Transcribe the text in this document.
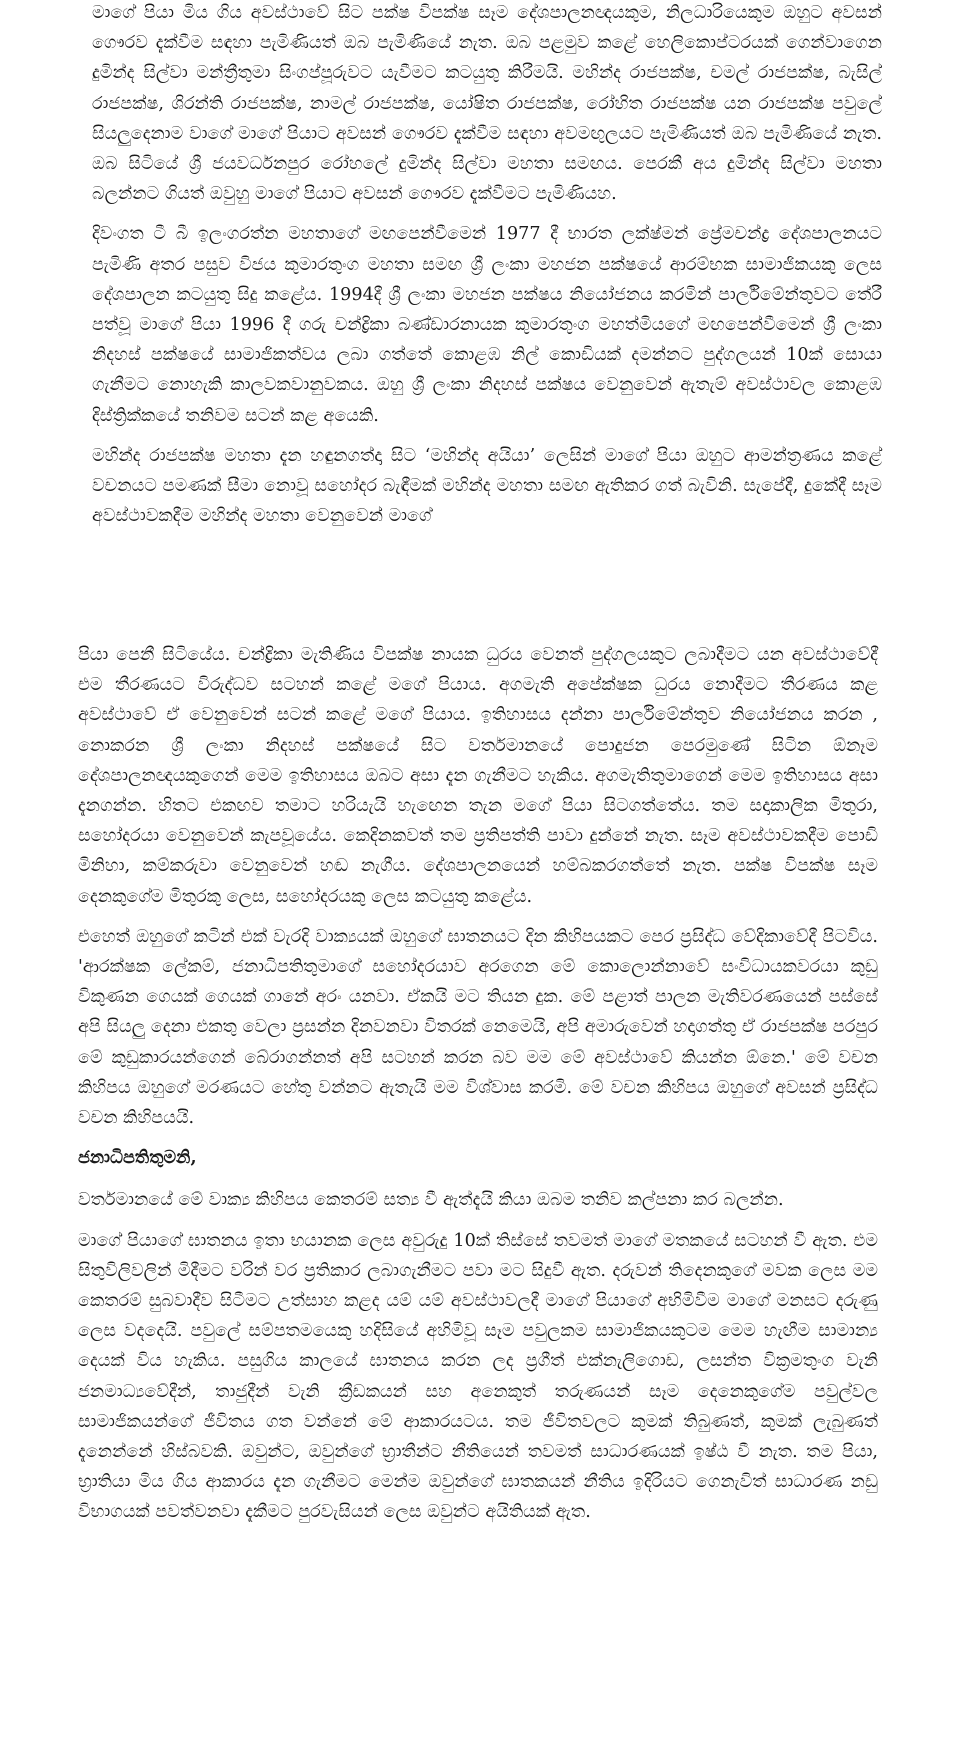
මාගේ පියා මිය ගිය අවස්ථාවේ සිට පක්ෂ විපක්ෂ සෑම දේශපාලනඥයකුම, නිලධාරියෙකුම ඔහුට අවසන් ගෞරව දැක්වීම සඳහා පැමිණියත් ඔබ පැමිණියේ නැත. ඔබ පළමුව කළේ හෙලිකොප්ටරයක් ගෙන්වාගෙන දුමින්ද සිල්වා මන්ත්‍රීතුමා සිංගප්පූරුවට යැවීමට කටයුතු කිරීමයි. මහින්ද රාජපක්ෂ, චමල් රාජපක්ෂ, බැසිල් රාජපක්ෂ, ශිරන්ති රාජපක්ෂ, නාමල් රාජපක්ෂ, යෝෂිත රාජපක්ෂ, රෝහිත රාජපක්ෂ යන රාජපක්ෂ පවුලේ සියලුදෙනාම වාගේ මාගේ පියාට අවසන් ගෞරව දැක්වීම සඳහා අවමඟුලයට පැමිණියත් ඔබ පැමිණියේ නැත. ඔබ සිටියේ ශ්‍රී ජයවර්ධනපුර රෝහලේ දුමින්ද සිල්වා මහතා සමඟය. පෙරකී අය දුමින්ද සිල්වා මහතා බලන්නට ගියත් ඔවුහු මාගේ පියාට අවසන් ගෞරව දැක්වීමට පැමිණියහ.

දිවංගත ටී බී ඉලංගරත්න මහතාගේ මඟපෙන්වීමෙන් 1977 දී භාරත ලක්ෂ්මන් ප්‍රේමචන්ද්‍ර දේශපාලනයට පැමිණි අතර පසුව විජය කුමාරතුංග මහතා සමඟ ශ්‍රී ලංකා මහජන පක්ෂයේ ආරම්භක සාමාජිකයකු ලෙස දේශපාලන කටයුතු සිදු කළේය. 1994දී ශ්‍රී ලංකා මහජන පක්ෂය නියෝජනය කරමින් පාර්ලිමේන්තුවට තේරී පත්වූ මාගේ පියා 1996 දී ගරු චන්ද්‍රිකා බණ්ඩාරනායක කුමාරතුංග මහත්මියගේ මඟපෙන්වීමෙන් ශ්‍රී ලංකා නිදහස් පක්ෂයේ සාමාජිකත්වය ලබා ගත්තේ කොළඹ නිල් කොඩියක් දමන්නට පුද්ගලයන් 10ක් සොයා ගැනීමට නොහැකි කාලවකවානුවකය. ඔහු ශ්‍රී ලංකා නිදහස් පක්ෂය වෙනුවෙන් ඇතැම් අවස්ථාවල කොළඹ දිස්ත්‍රික්කයේ තනිවම සටන් කළ අයෙකි.

මහින්ද රාජපක්ෂ මහතා දැන හඳුනගත්දා සිට ‘මහින්ද අයියා’ ලෙසින් මාගේ පියා ඔහුට ආමන්ත්‍රණය කළේ වචනයට පමණක් සීමා නොවූ සහෝදර බැඳීමක් මහින්ද මහතා සමඟ ඇතිකර ගත් බැවිනි. සැපේදී, දුකේදී සෑම අවස්ථාවකදීම මහින්ද මහතා වෙනුවෙන් මාගේ

පියා පෙනී සිටියේය. චන්ද්‍රිකා මැතිණිය විපක්ෂ නායක ධුරය වෙනත් පුද්ගලයකුට ලබාදීමට යන අවස්ථාවේදී එම තීරණයට විරුද්ධව සටහන් කළේ මගේ පියාය. අගමැති අපේක්ෂක ධුරය නොදීමට තීරණය කළ අවස්ථාවේ ඒ වෙනුවෙන් සටන් කළේ මගේ පියාය. ඉතිහාසය දන්නා පාර්ලිමේන්තුව නියෝජනය කරන , නොකරන ශ්‍රී ලංකා නිදහස් පක්ෂයේ සිට වර්තමානයේ පොදුජන පෙරමුණේ සිටින ඕනෑම දේශපාලනඥයකුගෙන් මෙම ඉතිහාසය ඔබට අසා දැන ගැනීමට හැකිය. අගමැතිතුමාගෙන් මෙම ඉතිහාසය අසා දැනගන්න. හිතට එකඟව තමාට හරියැයි හැඟෙන තැන මගේ පියා සිටගත්තේය. තම සදාකාලික මිතුරා, සහෝදරයා වෙනුවෙන් කැපවූයේය. කෙදිනකවත් තම ප්‍රතිපත්ති පාවා දුන්නේ නැත. සෑම අවස්ථාවකදීම පොඩි මිනිහා, කම්කරුවා වෙනුවෙන් හඬ නැගීය. දේශපාලනයෙන් හම්බකරගත්තේ නැත. පක්ෂ විපක්ෂ සෑම දෙනකුගේම මිතුරකු ලෙස, සහෝදරයකු ලෙස කටයුතු කළේය.

එහෙත් ඔහුගේ කටින් එක් වැරදි වාක්‍යයක් ඔහුගේ ඝාතනයට දින කිහිපයකට පෙර ප්‍රසිද්ධ වේදිකාවේදී පිටවිය. 'ආරක්ෂක ලේකම්, ජනාධිපතිතුමාගේ සහෝදරයාව අරගෙන මේ කොලොන්නාවේ සංවිධායකවරයා කුඩු විකුණන ගෙයක් ගෙයක් ගානේ අරං යනවා. ඒකයි මට තියන දුක. මේ පළාත් පාලන මැතිවරණයෙන් පස්සේ අපි සියලු දෙනා එකතු වෙලා ප්‍රසන්න දිනවනවා විතරක් නෙමෙයි, අපි අමාරුවෙන් හදාගත්තු ඒ රාජපක්ෂ පරපුර මේ කුඩුකාරයන්ගෙන් බේරාගන්නත් අපි සටහන් කරන බව මම මේ අවස්ථාවේ කියන්න ඕනෙ.' මේ වචන කිහිපය ඔහුගේ මරණයට හේතු වන්නට ඇතැයි මම විශ්වාස කරමි. මේ වචන කිහිපය ඔහුගේ අවසන් ප්‍රසිද්ධ වචන කිහිපයයි.

ජනාධිපතිතුමනි,

වර්තමානයේ මේ වාක්‍ය කිහිපය කෙතරම් සත්‍ය වී ඇත්දැයි කියා ඔබම තනිව කල්පනා කර බලන්න.

මාගේ පියාගේ ඝාතනය ඉතා භයානක ලෙස අවුරුදු 10ක් තිස්සේ තවමත් මාගේ මතකයේ සටහන් වී ඇත. එම සිතුවිලිවලින් මිදීමට වරින් වර ප්‍රතිකාර ලබාගැනීමට පවා මට සිදුවී ඇත. දරුවන් තිදෙනකුගේ මවක ලෙස මම කෙතරම් සුබවාදීව සිටීමට උත්සාහ කළද යම් යම් අවස්ථාවලදී මාගේ පියාගේ අභිමිවීම මාගේ මනසට දරුණු ලෙස වදදෙයි. පවුලේ සම්පතමයෙකු හදිසියේ අහිමිවූ සෑම පවුලකම සාමාජිකයකුටම මෙම හැඟීම සාමාන්‍ය දෙයක් විය හැකිය. පසුගිය කාලයේ ඝාතනය කරන ලද ප්‍රගීත් එක්නැලිගොඩ, ලසන්ත වික්‍රමතුංග වැනි ජනමාධ්‍යවේදීන්, තාජුදීන් වැනි ක්‍රීඩකයන් සහ අනෙකුත් තරුණයන් සෑම දෙනෙකුගේම පවුල්වල සාමාජිකයන්ගේ ජීවිතය ගත වන්නේ මේ ආකාරයටය. තම ජීවිතවලට කුමක් තිබුණත්, කුමක් ලැබුණත් දැනෙන්නේ හිස්බවකි. ඔවුන්ට, ඔවුන්ගේ භ්‍රාතීන්ට නීතියෙන් තවමත් සාධාරණයක් ඉෂ්ඨ වී නැත. තම පියා, භ්‍රාතියා මිය ගිය ආකාරය දැන ගැනීමට මෙන්ම ඔවුන්ගේ ඝාතකයන් නීතිය ඉදිරියට ගෙනැවිත් සාධාරණ නඩු විභාගයක් පවත්වනවා දැකීමට පුරවැසියන් ලෙස ඔවුන්ට අයිතියක් ඇත.
